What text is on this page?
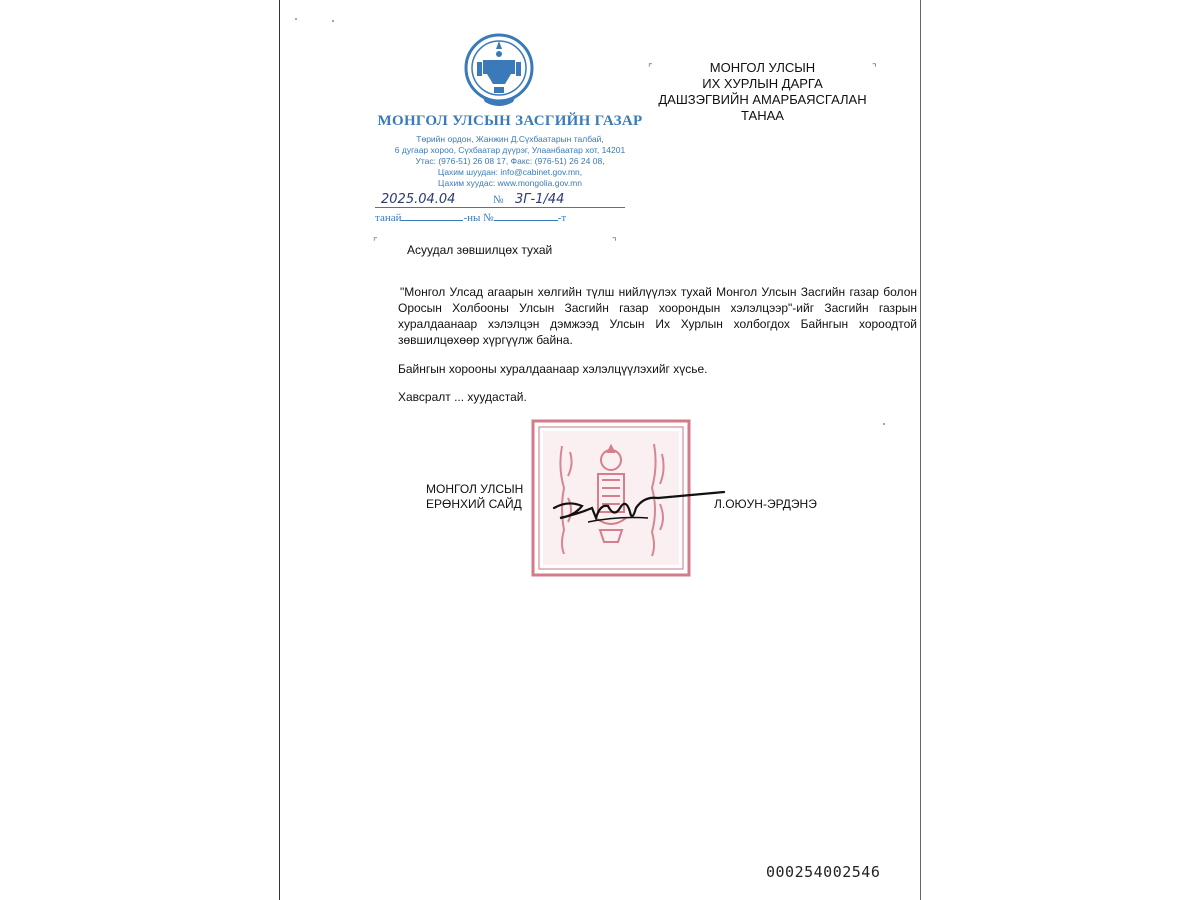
МОНГОЛ УЛСЫН ЗАСГИЙН ГАЗАР
Төрийн ордон, Жанжин Д.Сүхбаатарын талбай,
6 дугаар хороо, Сүхбаатар дүүрэг, Улаанбаатар хот, 14201
Утас: (976-51) 26 08 17, Факс: (976-51) 26 24 08,
Цахим шуудан: info@cabinet.gov.mn,
Цахим хуудас: www.mongolia.gov.mn
2025.04.04	№ 3Г-1/44
танай	-ны №	-т
⌜	⌝
⌜	⌝
МОНГОЛ УЛСЫН
ИХ ХУРЛЫН ДАРГА
ДАШЗЭГВИЙН АМАРБАЯСГАЛАН
ТАНАА
Асуудал зөвшилцөх тухай
"Монгол Улсад агаарын хөлгийн түлш нийлүүлэх тухай Монгол Улсын Засгийн газар болон Оросын Холбооны Улсын Засгийн газар хоорондын хэлэлцээр"-ийг Засгийн газрын хуралдаанаар хэлэлцэн дэмжээд Улсын Их Хурлын холбогдох Байнгын хороодтой зөвшилцөхөөр хүргүүлж байна.
Байнгын хорооны хуралдаанаар хэлэлцүүлэхийг хүсье.
Хавсралт ... хуудастай.
МОНГОЛ УЛСЫН
ЕРӨНХИЙ САЙД	Л.ОЮУН-ЭРДЭНЭ
000254002546
